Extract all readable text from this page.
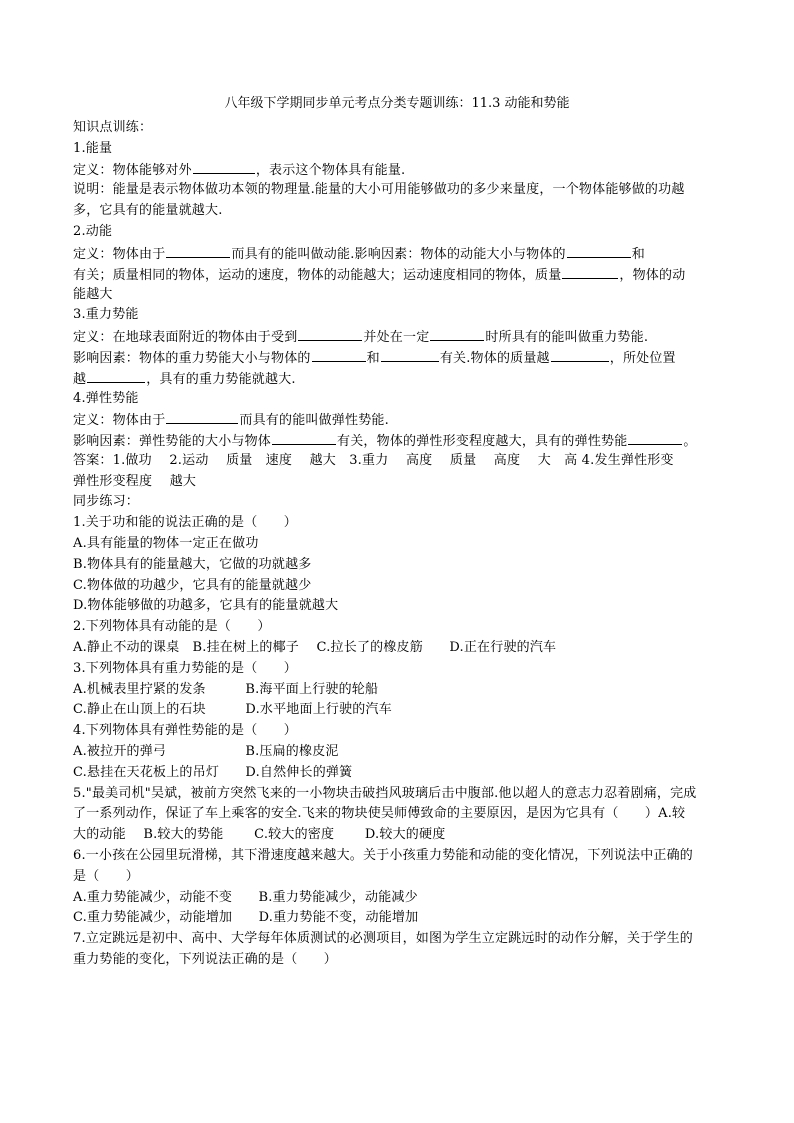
八年级下学期同步单元考点分类专题训练：11.3 动能和势能
知识点训练：
1.能量
定义：物体能够对外	，表示这个物体具有能量.
说明：能量是表示物体做功本领的物理量.能量的大小可用能够做功的多少来量度，一个物体能够做的功越
多，它具有的能量就越大.
2.动能
定义：物体由于	而具有的能叫做动能.影响因素：物体的动能大小与物体的	和
有关；质量相同的物体，运动的速度，物体的动能越大；运动速度相同的物体，质量	，物体的动
能越大
3.重力势能
定义：在地球表面附近的物体由于受到	并处在一定	时所具有的能叫做重力势能.
影响因素：物体的重力势能大小与物体的	和	有关.物体的质量越	，所处位置
越	，具有的重力势能就越大.
4.弹性势能
定义：物体由于	而具有的能叫做弹性势能.
影响因素：弹性势能的大小与物体	有关，物体的弹性形变程度越大，具有的弹性势能	。
答案：1.做功　 2.运动　 质量　速度　 越大　3.重力　 高度　 质量　 高度　 大　高 4.发生弹性形变
弹性形变程度　 越大
同步练习：
1.关于功和能的说法正确的是（　　）
A.具有能量的物体一定正在做功
B.物体具有的能量越大，它做的功就越多
C.物体做的功越少，它具有的能量就越少
D.物体能够做的功越多，它具有的能量就越大
2.下列物体具有动能的是（　　）
A.静止不动的课桌　B.挂在树上的椰子　 C.拉长了的橡皮筋　　D.正在行驶的汽车
3.下列物体具有重力势能的是（　　）
A.机械表里拧紧的发条　　　B.海平面上行驶的轮船
C.静止在山顶上的石块　　　D.水平地面上行驶的汽车
4.下列物体具有弹性势能的是（　　）
A.被拉开的弹弓　　　　　　B.压扁的橡皮泥
C.悬挂在天花板上的吊灯　　D.自然伸长的弹簧
5."最美司机"吴斌，被前方突然飞来的一小物块击破挡风玻璃后击中腹部.他以超人的意志力忍着剧痛，完成
了一系列动作，保证了车上乘客的安全.飞来的物块使吴师傅致命的主要原因，是因为它具有（　　）A.较
大的动能　 B.较大的势能　　 C.较大的密度　　 D.较大的硬度
6.一小孩在公园里玩滑梯，其下滑速度越来越大。关于小孩重力势能和动能的变化情况，下列说法中正确的
是（　　）
A.重力势能减少，动能不变　　B.重力势能减少，动能减少
C.重力势能减少，动能增加　　D.重力势能不变，动能增加
7.立定跳远是初中、高中、大学每年体质测试的必测项目，如图为学生立定跳远时的动作分解，关于学生的
重力势能的变化，下列说法正确的是（　　）
